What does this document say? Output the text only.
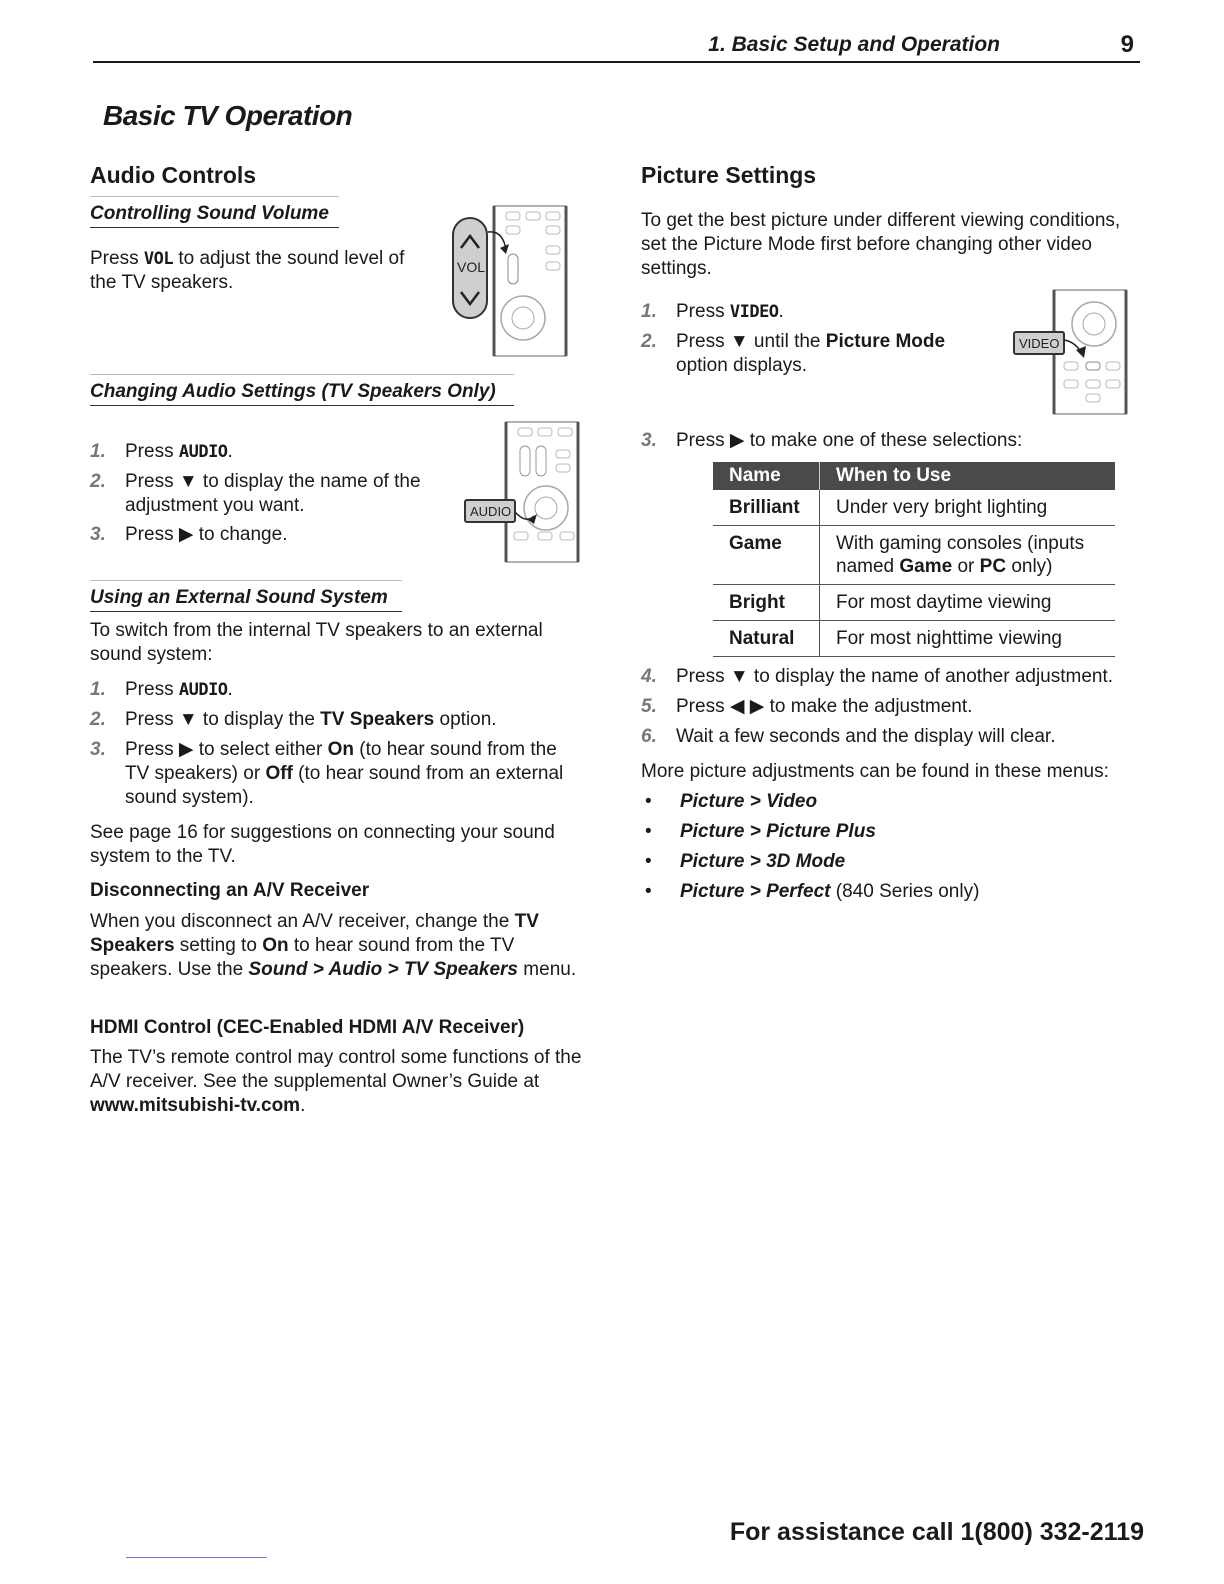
1. Basic Setup and Operation	9
Basic TV Operation
Audio Controls
Controlling Sound Volume
Press VOL to adjust the sound level of the TV speakers.
VOL
Changing Audio Settings (TV Speakers Only)
1.	Press AUDIO.
2.	Press ▼ to display the name of the adjustment you want.
3.	Press ▶ to change.
AUDIO
Using an External Sound System
To switch from the internal TV speakers to an external sound system:
1.	Press AUDIO.
2.	Press ▼ to display the TV Speakers option.
3.	Press ▶ to select either On (to hear sound from the TV speakers) or Off (to hear sound from an external sound system).
See page 16 for suggestions on connecting your sound system to the TV.
Disconnecting an A/V Receiver
When you disconnect an A/V receiver, change the TV Speakers setting to On to hear sound from the TV speakers. Use the Sound > Audio > TV Speakers menu.
HDMI Control (CEC-Enabled HDMI A/V Receiver)
The TV’s remote control may control some functions of the A/V receiver. See the supplemental Owner’s Guide at www.mitsubishi-tv.com.
Picture Settings
To get the best picture under different viewing conditions, set the Picture Mode first before changing other video settings.
1.	Press VIDEO.
2.	Press ▼ until the Picture Mode option displays.
VIDEO
3.	Press ▶ to make one of these selections:
Name	When to Use
Brilliant	Under very bright lighting
Game	With gaming consoles (inputs named Game or PC only)
Bright	For most daytime viewing
Natural	For most nighttime viewing
4.	Press ▼ to display the name of another adjustment.
5.	Press ◀ ▶ to make the adjustment.
6.	Wait a few seconds and the display will clear.
More picture adjustments can be found in these menus:
•	Picture > Video
•	Picture > Picture Plus
•	Picture > 3D Mode
•	Picture > Perfect (840 Series only)
For assistance call 1(800) 332-2119
